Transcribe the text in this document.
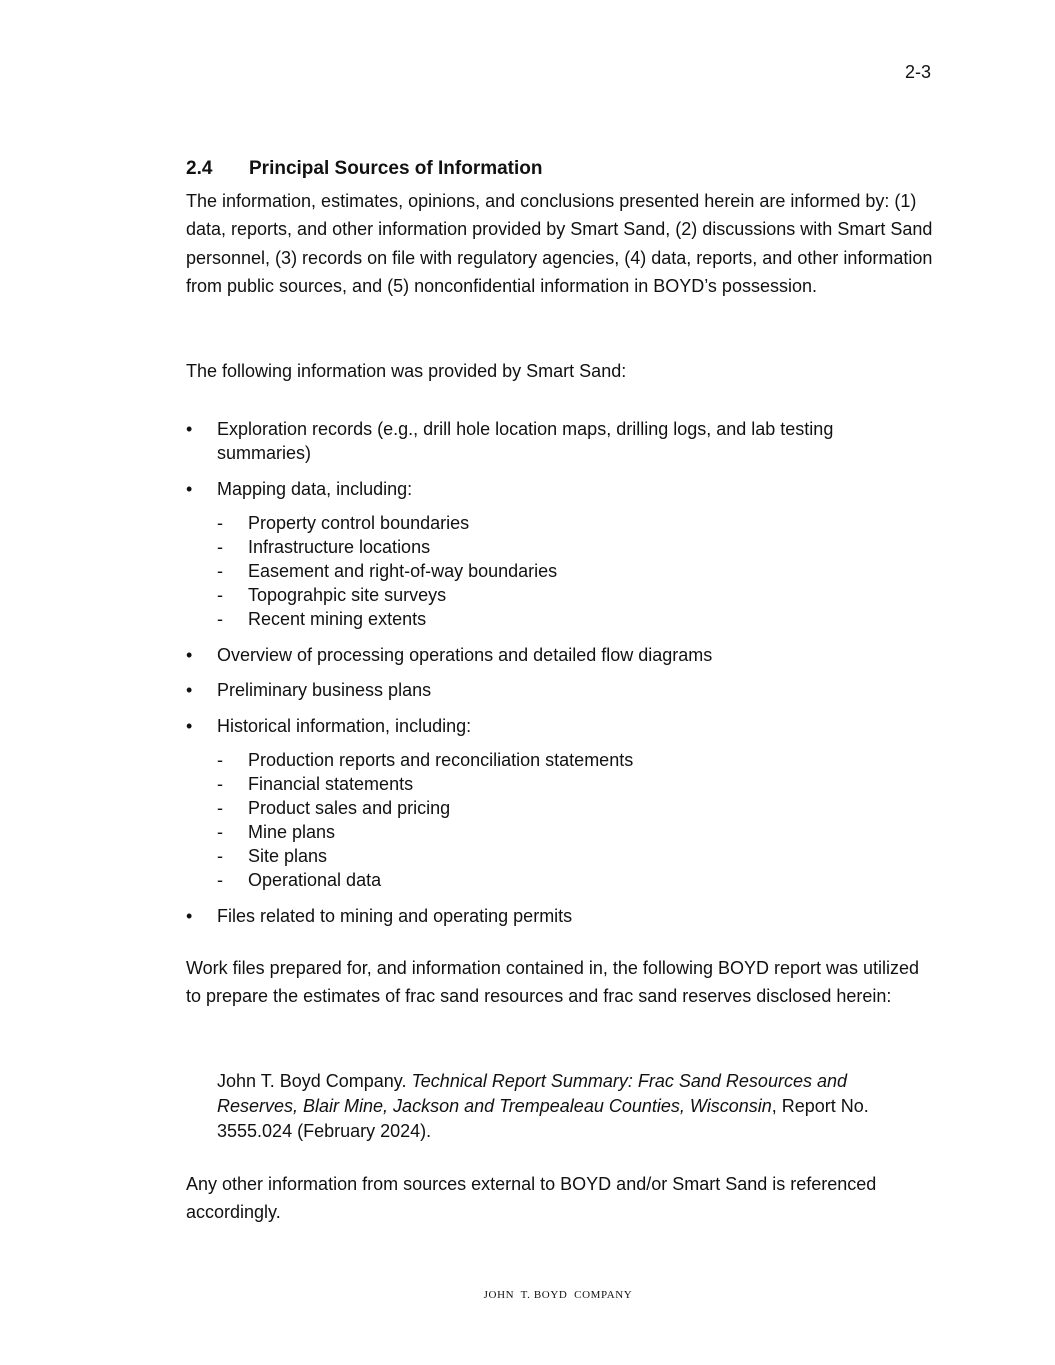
2-3
2.4 Principal Sources of Information
The information, estimates, opinions, and conclusions presented herein are informed by: (1) data, reports, and other information provided by Smart Sand, (2) discussions with Smart Sand personnel, (3) records on file with regulatory agencies, (4) data, reports, and other information from public sources, and (5) nonconfidential information in BOYD’s possession.
The following information was provided by Smart Sand:
• Exploration records (e.g., drill hole location maps, drilling logs, and lab testing summaries)
• Mapping data, including:
- Property control boundaries
- Infrastructure locations
- Easement and right-of-way boundaries
- Topograhpic site surveys
- Recent mining extents
• Overview of processing operations and detailed flow diagrams
• Preliminary business plans
• Historical information, including:
- Production reports and reconciliation statements
- Financial statements
- Product sales and pricing
- Mine plans
- Site plans
- Operational data
• Files related to mining and operating permits
Work files prepared for, and information contained in, the following BOYD report was utilized to prepare the estimates of frac sand resources and frac sand reserves disclosed herein:
John T. Boyd Company. Technical Report Summary: Frac Sand Resources and Reserves, Blair Mine, Jackson and Trempealeau Counties, Wisconsin, Report No. 3555.024 (February 2024).
Any other information from sources external to BOYD and/or Smart Sand is referenced accordingly.
JOHN  T. BOYD  COMPANY
